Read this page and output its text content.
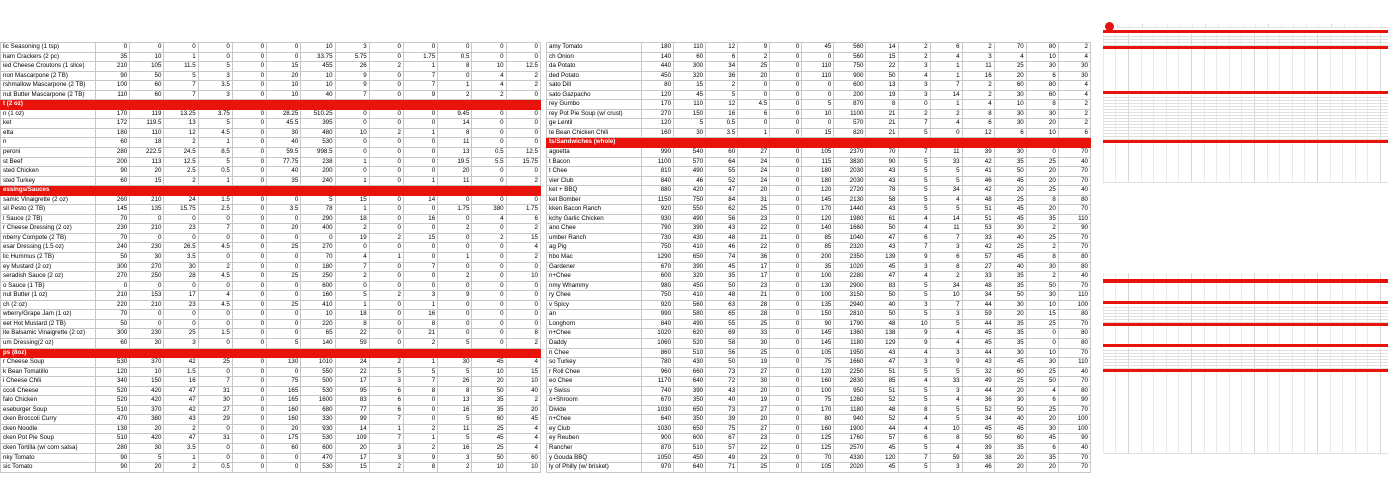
lic Seasoning (1 tsp)	0	0	0	0	0	0	10	3	0	0	0	0	0
ham Crackers (2 pc)	35	10	1	0	0	0	33.75	5.75	0	1.75	0.5	0	0
ied Cheese Croutons (1 slice)	210	105	11.5	5	0	15	455	26	2	1	8	10	12.5
non Mascarpone (2 TB)	90	50	5	3	0	20	10	9	0	7	0	4	2
rshmallow Mascarpone (2 TB)	100	60	7	3.5	0	10	10	9	0	7	1	4	2
nut Butter Mascarpone (2 TB)	110	60	7	3	0	10	40	7	0	9	2	2	0
t (2 oz)													
n (1 oz)	170	119	13.25	3.75	0	28.25	510.25	0	0	0	9.45	0	0
ket	172	119.5	13	5	0	45.5	395	0	0	0	14	0	0
etta	180	110	12	4.5	0	30	480	10	2	1	8	0	0
n	60	18	2	1	0	40	530	0	0	0	11	0	0
peroni	280	222.5	24.5	8.5	0	59.5	998.5	0	0	0	13	0.5	12.5
st Beef	200	113	12.5	5	0	77.75	238	1	0	0	19.5	5.5	15.75
sted Chicken	90	20	2.5	0.5	0	40	200	0	0	0	20	0	0
sted Turkey	60	15	2	1	0	35	240	1	0	1	11	0	2
essings/Sauces													
samic Vinaigrette (2 oz)	260	210	24	1.5	0	0	5	15	0	14	0	0	0
sil Pesto (2 TB)	145	135	15.75	2.5	0	3.5	78	1	0	0	1.75	380	1.75
l Sauce (2 TB)	70	0	0	0	0	0	290	18	0	16	0	4	6
r Cheese Dressing (2 oz)	230	210	23	7	0	20	400	2	0	0	2	0	2
nberry Compote (2 TB)	70	0	0	0	0	0	0	19	2	15	0	2	15
esar Dressing (1.5 oz)	240	230	26.5	4.5	0	25	270	0	0	0	0	0	4
lic Hummus (2 TB)	50	30	3.5	0	0	0	70	4	1	0	1	0	2
ey Mustard (2 oz)	300	270	30	2	0	0	180	7	0	7	0	0	0
seradish Sauce (2 oz)	270	250	28	4.5	0	25	250	2	0	0	2	0	10
o Sauce (1 TB)	0	0	0	0	0	0	600	0	0	0	0	0	0
nut Butter (1 oz)	210	153	17	4	0	0	160	5	2	3	9	0	0
ch (2 oz)	220	210	23	4.5	0	25	410	1	0	1	0	0	0
wberry/Grape Jam (1 oz)	70	0	0	0	0	0	10	18	0	16	0	0	0
eet Hot Mustard (2 TB)	50	0	0	0	0	0	220	8	0	8	0	0	0
ite Balsamic Vinaigrette (2 oz)	300	230	25	1.5	0	0	65	22	0	21	0	0	8
um Dressing(2 oz)	60	30	3	0	0	5	140	59	0	2	5	0	2
ps (8oz)													
r Cheese Soup	530	370	42	25	0	130	1010	24	2	1	30	45	4
k Bean Tomatillo	120	10	1.5	0	0	0	550	22	5	5	5	10	15
i Cheese Chili	340	150	16	7	0	75	500	17	3	7	26	20	10
ccoli Cheese	520	420	47	31	0	165	530	95	6	8	8	50	40
falo Chicken	520	420	47	30	0	165	1600	83	6	0	13	35	2
eseburger Soup	510	370	42	27	0	160	680	77	6	0	16	35	20
cken Broccoli Curry	470	380	43	29	0	160	330	99	7	0	5	60	45
cken Noodle	130	20	2	0	0	20	930	14	1	2	11	25	4
cken Pot Pie Soup	510	420	47	31	0	175	530	109	7	1	5	45	4
cken Tortilla (w/ corn salsa)	280	30	3.5	0	0	60	600	20	3	2	16	25	4
nky Tomato	90	5	1	0	0	0	470	17	3	9	3	50	60
sic Tomato	90	20	2	0.5	0	0	530	15	2	8	2	10	10
amy Tomato	180	110	12	9	0	45	560	14	2	6	2	70	80	2
ch Onion	140	60	6	2	0	0	560	15	2	4	3	4	10	4
da Potato	440	300	34	25	0	110	750	22	3	1	11	25	30	30
ded Potato	450	320	36	20	0	110	900	50	4	1	16	20	6	30
sato Dill	80	15	2	0	0	0	600	13	3	7	2	60	80	4
sato Gazpacho	120	45	5	0	0	0	200	19	3	14	2	30	60	4
rey Gumbo	170	110	12	4.5	0	5	870	8	0	1	4	10	8	2
rey Pot Pie Soup (w/ crust)	270	150	16	6	0	10	1100	21	2	2	8	30	30	2
ge Lentil	120	5	0.5	0	0	0	570	21	7	4	6	30	20	2
te Bean Chicken Chili	160	30	3.5	1	0	15	820	21	5	0	12	6	10	6
ts/Sandwiches (whole)														
agoetta	990	540	60	27	0	105	2370	70	7	11	39	30	0	70
t Bacon	1100	570	64	24	0	115	3830	90	5	33	42	35	25	40
t Chee	810	490	55	24	0	180	2030	43	5	5	41	50	20	70
vier Club	840	46	52	24	0	180	2030	43	5	5	46	45	20	70
ket + BBQ	880	420	47	20	0	120	2720	78	5	34	42	20	25	40
ket Bomber	1150	750	84	31	0	145	2130	58	5	4	48	25	8	80
kken Bacon Ranch	920	550	62	25	0	170	1440	43	5	5	51	45	20	70
kchy Garlic Chicken	930	490	56	23	0	120	1980	61	4	14	51	45	35	110
ano Chee	790	390	43	22	0	140	1660	50	4	11	53	30	2	90
umber Ranch	730	430	48	21	0	85	1040	47	6	7	33	40	25	70
ag Pig	750	410	46	22	0	85	2320	43	7	3	42	25	2	70
hbo Mac	1290	650	74	36	0	200	2350	139	9	6	57	45	8	80
Gardener	670	390	45	17	0	35	1020	45	3	8	27	40	30	80
n+Chee	600	320	35	17	0	100	2280	47	4	2	33	35	2	40
nmy Whammy	980	450	50	23	0	130	2900	83	5	34	48	35	50	70
ry Chee	750	410	48	21	0	100	3150	50	5	10	34	50	30	110
v Spicy	920	560	63	28	0	135	2940	40	3	7	44	30	10	100
an	990	580	65	28	0	150	2810	50	5	3	59	20	15	80
Longhorn	840	490	55	25	0	90	1790	48	10	5	44	35	25	70
n+Chee	1020	620	69	33	0	145	1360	138	9	4	45	35	0	80
Daddy	1060	520	58	30	0	145	1180	129	9	4	45	35	0	80
n Chee	860	510	56	25	0	105	1950	43	4	3	44	30	10	70
so Turkey	780	430	50	19	0	75	1660	47	3	9	43	45	30	110
r Roll Chee	960	660	73	27	0	120	2250	51	5	5	32	60	25	40
eo Chee	1170	640	72	30	0	160	2830	85	4	33	49	25	50	70
y Swiss	740	390	43	20	0	100	950	51	5	3	44	20	4	80
o+Shroom	670	350	40	19	0	75	1260	52	5	4	36	30	6	90
Divide	1030	650	73	27	0	170	1180	48	8	5	52	50	25	70
n+Chee	640	350	39	20	0	80	940	52	4	5	34	40	20	100
ey Club	1030	650	75	27	0	160	1900	44	4	10	45	45	30	100
ey Reuben	900	600	67	23	0	125	1760	57	6	8	50	60	45	90
Rancher	870	510	57	22	0	125	2570	45	5	4	39	35	6	40
y Gouda BBQ	1050	450	49	23	0	70	4330	120	7	59	38	20	35	70
ly of Philly (w/ brisket)	970	640	71	25	0	105	2020	45	5	3	46	20	20	70
